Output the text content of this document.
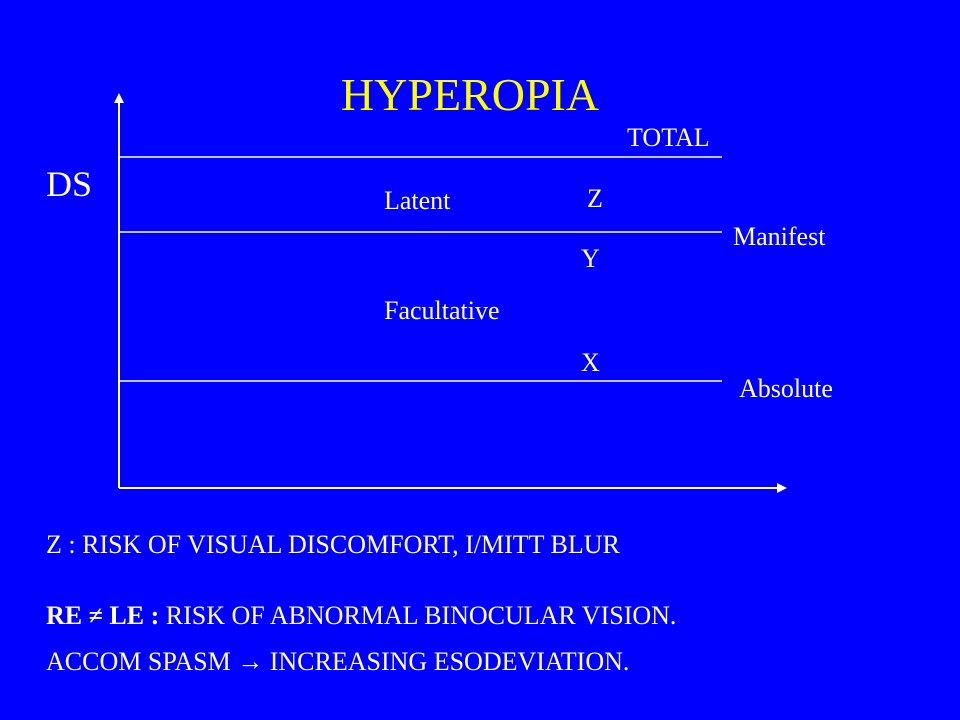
HYPEROPIA
DS
TOTAL
Manifest
Absolute
Latent
Facultative
Z
Y
X
Z : RISK OF VISUAL DISCOMFORT, I/MITT BLUR
RE ≠ LE : RISK OF ABNORMAL BINOCULAR VISION.
ACCOM SPASM → INCREASING ESODEVIATION.
